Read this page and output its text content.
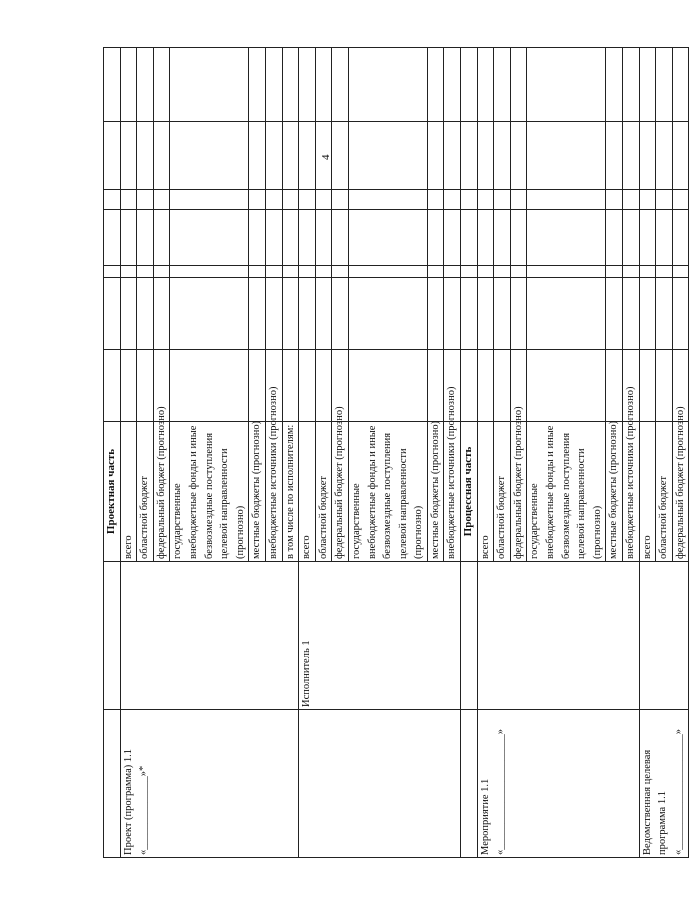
4
		Проектная часть							

Проект (программа) 1.1 «______________»*		всего							
		областной бюджет							
		федеральный бюджет (прогнозно)							
		государственные внебюджетные фонды и иные безвозмездные поступления целевой направленности (прогнозно)							
		местные бюджеты (прогнозно)							
		внебюджетные источники (прогнозно)							
		в том числе по исполнителям:							
	Исполнитель 1	всего							
		областной бюджет							
		федеральный бюджет (прогнозно)							
		государственные внебюджетные фонды и иные безвозмездные поступления целевой направленности (прогнозно)							
		местные бюджеты (прогнозно)							
		внебюджетные источники (прогнозно)							
		Процессная часть							

Мероприятие 1.1 «______________________»		всего							
		областной бюджет							
		федеральный бюджет (прогнозно)							
		государственные внебюджетные фонды и иные безвозмездные поступления целевой направленности (прогнозно)							
		местные бюджеты (прогнозно)							
		внебюджетные источники (прогнозно)							

Ведомственная целевая программа 1.1 «______________________»		всего							
		областной бюджет							
		федеральный бюджет (прогнозно)							
